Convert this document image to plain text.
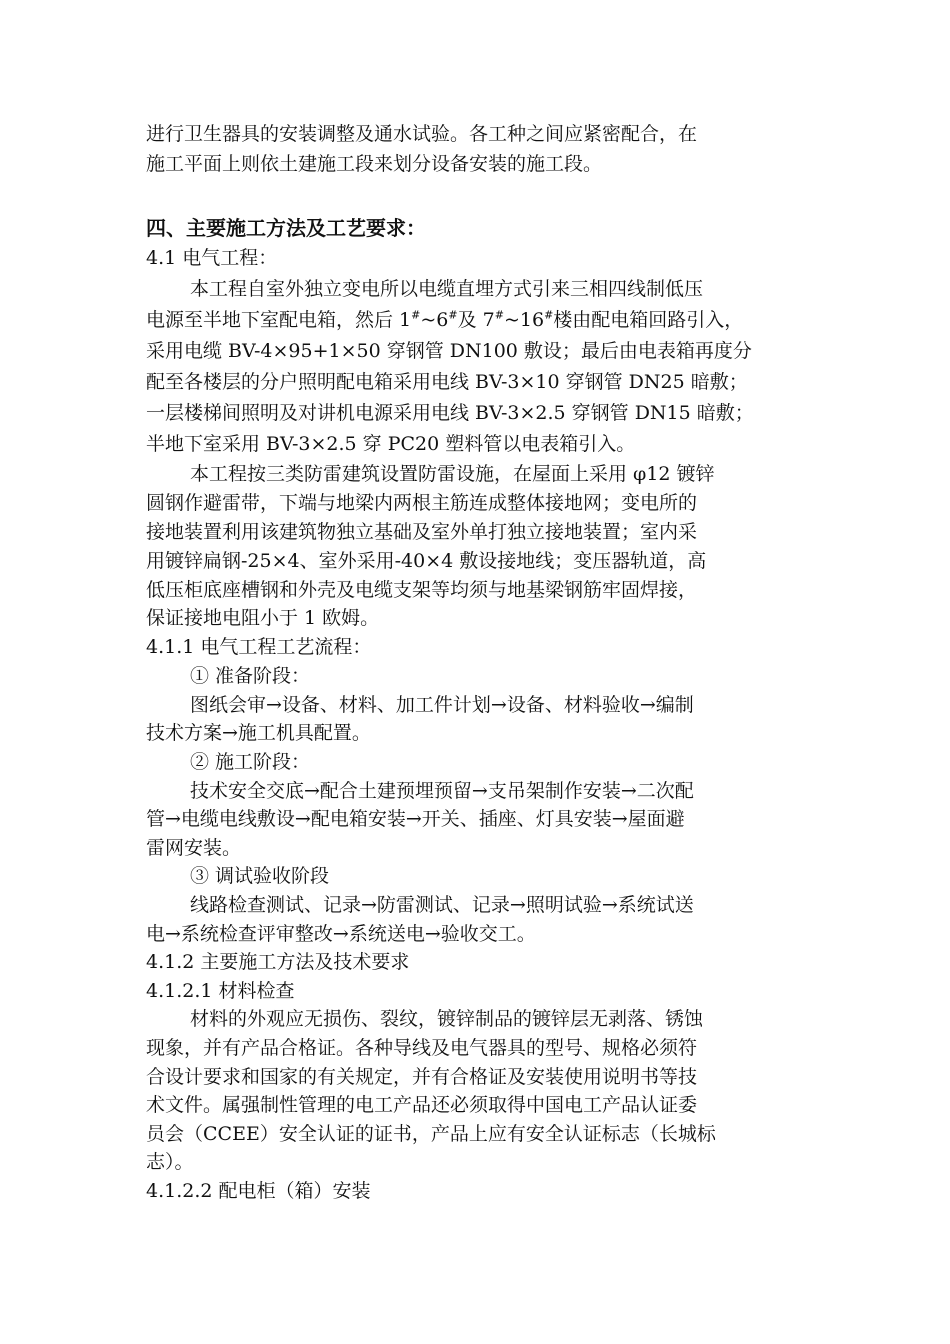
进行卫生器具的安装调整及通水试验。各工种之间应紧密配合，在
施工平面上则依土建施工段来划分设备安装的施工段。
四、主要施工方法及工艺要求：
4.1 电气工程：
本工程自室外独立变电所以电缆直埋方式引来三相四线制低压
电源至半地下室配电箱，然后 1#~6#及 7#~16#楼由配电箱回路引入，
采用电缆 BV-4×95+1×50 穿钢管 DN100 敷设；最后由电表箱再度分
配至各楼层的分户照明配电箱采用电线 BV-3×10 穿钢管 DN25 暗敷；
一层楼梯间照明及对讲机电源采用电线 BV-3×2.5 穿钢管 DN15 暗敷；
半地下室采用 BV-3×2.5 穿 PC20 塑料管以电表箱引入。
本工程按三类防雷建筑设置防雷设施，在屋面上采用 φ12 镀锌
圆钢作避雷带，下端与地梁内两根主筋连成整体接地网；变电所的
接地装置利用该建筑物独立基础及室外单打独立接地装置；室内采
用镀锌扁钢-25×4、室外采用-40×4 敷设接地线；变压器轨道，高
低压柜底座槽钢和外壳及电缆支架等均须与地基梁钢筋牢固焊接，
保证接地电阻小于 1 欧姆。
4.1.1 电气工程工艺流程：
① 准备阶段：
图纸会审→设备、材料、加工件计划→设备、材料验收→编制
技术方案→施工机具配置。
② 施工阶段：
技术安全交底→配合土建预埋预留→支吊架制作安装→二次配
管→电缆电线敷设→配电箱安装→开关、插座、灯具安装→屋面避
雷网安装。
③ 调试验收阶段
线路检查测试、记录→防雷测试、记录→照明试验→系统试送
电→系统检查评审整改→系统送电→验收交工。
4.1.2 主要施工方法及技术要求
4.1.2.1 材料检查
材料的外观应无损伤、裂纹，镀锌制品的镀锌层无剥落、锈蚀
现象，并有产品合格证。各种导线及电气器具的型号、规格必须符
合设计要求和国家的有关规定，并有合格证及安装使用说明书等技
术文件。属强制性管理的电工产品还必须取得中国电工产品认证委
员会（CCEE）安全认证的证书，产品上应有安全认证标志（长城标
志）。
4.1.2.2 配电柜（箱）安装
